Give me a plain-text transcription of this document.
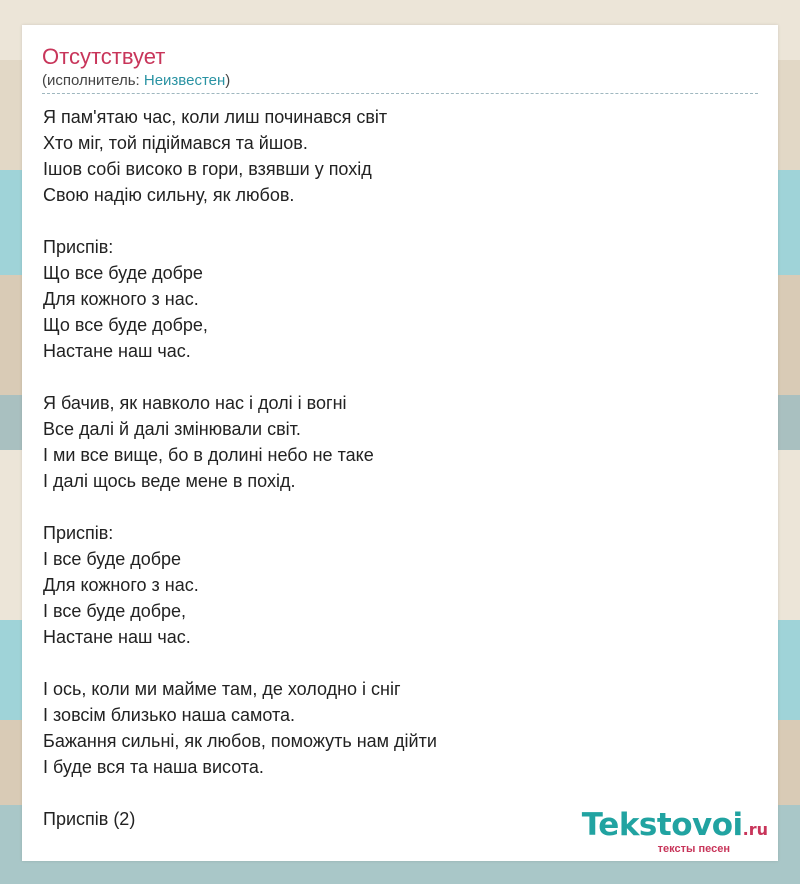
Отсутствует
(исполнитель: Неизвестен)
Я пам'ятаю час, коли лиш починався світ
Хто міг, той підіймався та йшов.
Ішов собі високо в гори, взявши у похід
Свою надію сильну, як любов.
Приспів:
Що все буде добре
Для кожного з нас.
Що все буде добре,
Настане наш час.
Я бачив, як навколо нас і долі і вогні
Все далі й далі змінювали світ.
І ми все вище, бо в долині небо не таке
І далі щось веде мене в похід.
Приспів:
І все буде добре
Для кожного з нас.
І все буде добре,
Настане наш час.
І ось, коли ми майме там, де холодно і сніг
І зовсім близько наша самота.
Бажання сильні, як любов, поможуть нам дійти
І буде вся та наша висота.
Приспів (2)	Tekstovoi.ru
тексты песен
